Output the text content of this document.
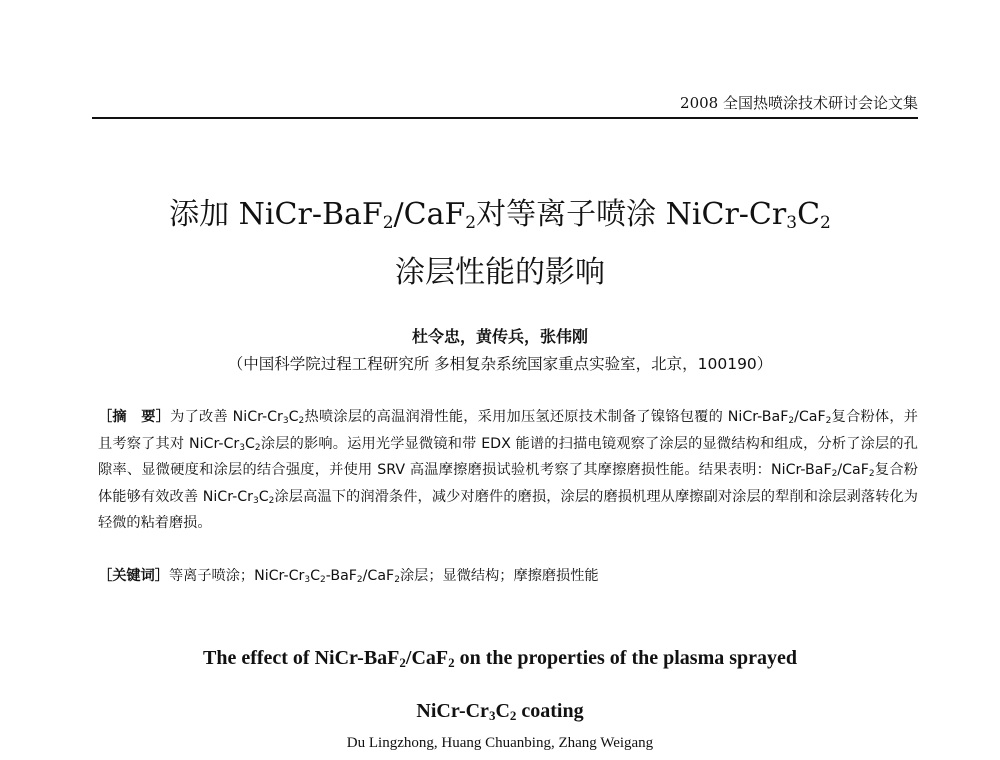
2008 全国热喷涂技术研讨会论文集
添加 NiCr-BaF$_2$/CaF$_2$对等离子喷涂 NiCr-$Cr_3C_2$
涂层性能的影响
杜令忠，黄传兵，张伟刚
（中国科学院过程工程研究所 多相复杂系统国家重点实验室，北京，100190）
［摘　要］为了改善 NiCr-$Cr_3C_2$热喷涂层的高温润滑性能，采用加压氢还原技术制备了镍铬包覆的 NiCr-BaF$_2$/CaF$_2$复合粉体，并且考察了其对 NiCr-$Cr_3C_2$涂层的影响。运用光学显微镜和带 EDX 能谱的扫描电镜观察了涂层的显微结构和组成，分析了涂层的孔隙率、显微硬度和涂层的结合强度，并使用 SRV 高温摩擦磨损试验机考察了其摩擦磨损性能。结果表明：NiCr-BaF$_2$/CaF$_2$复合粉体能够有效改善 NiCr-$Cr_3C_2$涂层高温下的润滑条件，减少对磨件的磨损，涂层的磨损机理从摩擦副对涂层的犁削和涂层剥落转化为轻微的粘着磨损。
［关键词］等离子喷涂；NiCr-$Cr_3C_2-BaF_2/CaF_2$涂层；显微结构；摩擦磨损性能
The effect of NiCr-BaF$_2$/CaF$_2$ on the properties of the plasma sprayed
NiCr-$Cr_3C_2$ coating
Du Lingzhong, Huang Chuanbing, Zhang Weigang
